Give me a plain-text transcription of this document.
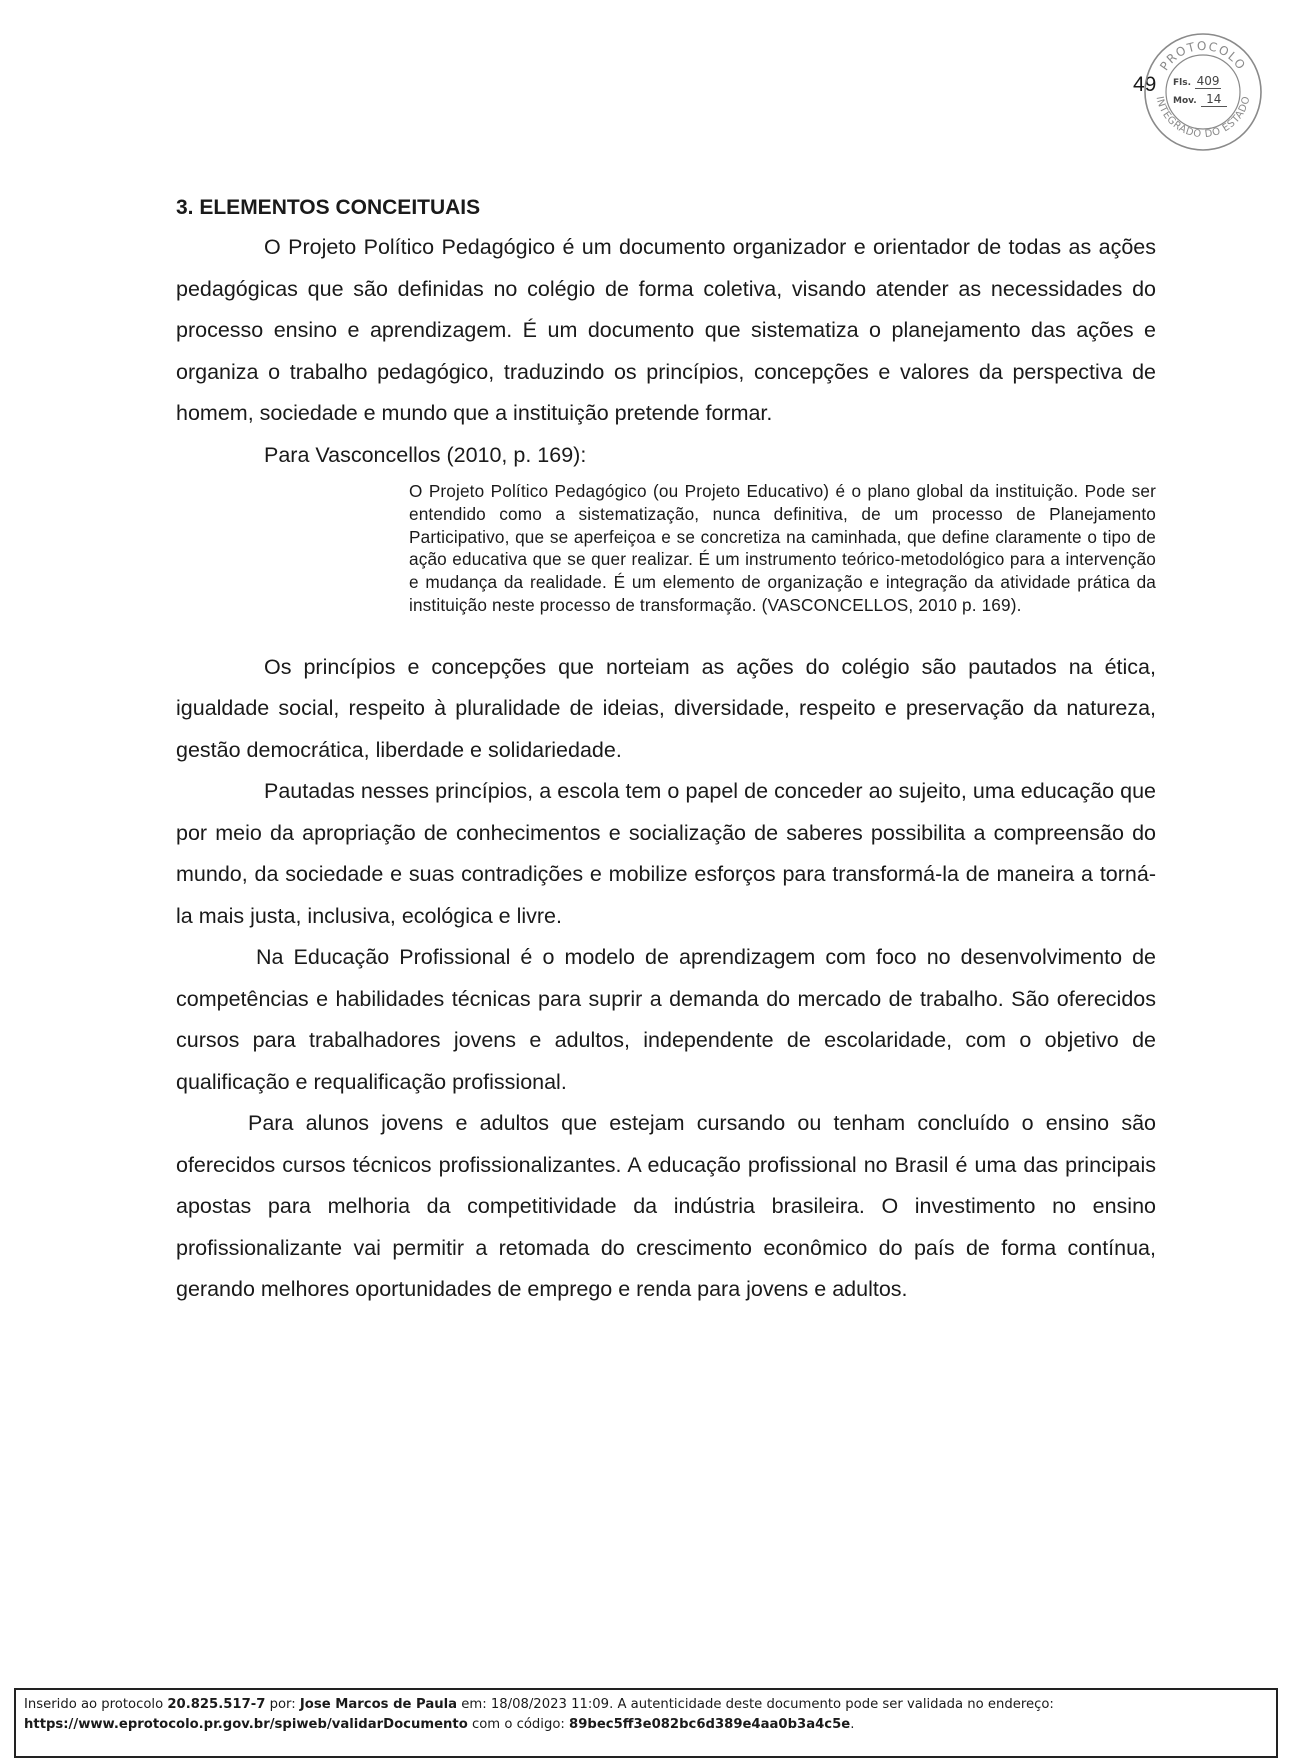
49
PROTOCOLO
INTEGRADO DO ESTADO
Fls. 409
Mov. 14
3. ELEMENTOS CONCEITUAIS

O Projeto Político Pedagógico é um documento organizador e orientador de todas as ações pedagógicas que são definidas no colégio de forma coletiva, visando atender as necessidades do processo ensino e aprendizagem. É um documento que sistematiza o planejamento das ações e organiza o trabalho pedagógico, traduzindo os princípios, concepções e valores da perspectiva de homem, sociedade e mundo que a instituição pretende formar.

Para Vasconcellos (2010, p. 169):

O Projeto Político Pedagógico (ou Projeto Educativo) é o plano global da instituição. Pode ser entendido como a sistematização, nunca definitiva, de um processo de Planejamento Participativo, que se aperfeiçoa e se concretiza na caminhada, que define claramente o tipo de ação educativa que se quer realizar. É um instrumento teórico-metodológico para a intervenção e mudança da realidade. É um elemento de organização e integração da atividade prática da instituição neste processo de transformação. (VASCONCELLOS, 2010 p. 169).

Os princípios e concepções que norteiam as ações do colégio são pautados na ética, igualdade social, respeito à pluralidade de ideias, diversidade, respeito e preservação da natureza, gestão democrática, liberdade e solidariedade.

Pautadas nesses princípios, a escola tem o papel de conceder ao sujeito, uma educação que por meio da apropriação de conhecimentos e socialização de saberes possibilita a compreensão do mundo, da sociedade e suas contradições e mobilize esforços para transformá-la de maneira a torná-la mais justa, inclusiva, ecológica e livre.

Na Educação Profissional é o modelo de aprendizagem com foco no desenvolvimento de competências e habilidades técnicas para suprir a demanda do mercado de trabalho. São oferecidos cursos para trabalhadores jovens e adultos, independente de escolaridade, com o objetivo de qualificação e requalificação profissional.

Para alunos jovens e adultos que estejam cursando ou tenham concluído o ensino são oferecidos cursos técnicos profissionalizantes. A educação profissional no Brasil é uma das principais apostas para melhoria da competitividade da indústria brasileira. O investimento no ensino profissionalizante vai permitir a retomada do crescimento econômico do país de forma contínua, gerando melhores oportunidades de emprego e renda para jovens e adultos.

Inserido ao protocolo 20.825.517-7 por: Jose Marcos de Paula em: 18/08/2023 11:09. A autenticidade deste documento pode ser validada no endereço:
https://www.eprotocolo.pr.gov.br/spiweb/validarDocumento com o código: 89bec5ff3e082bc6d389e4aa0b3a4c5e.
